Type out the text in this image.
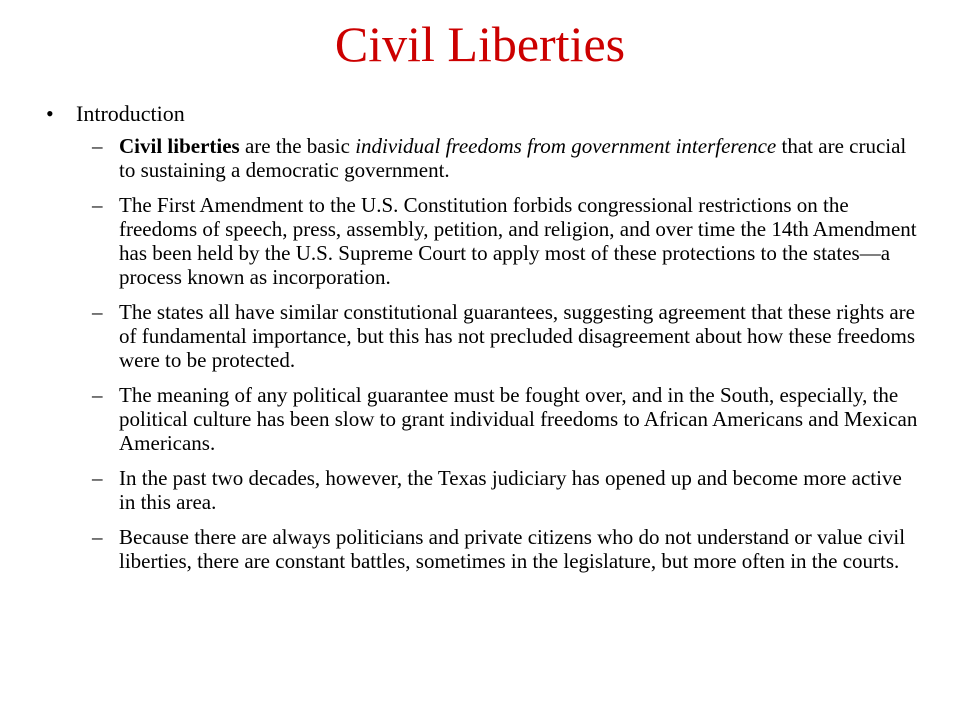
Civil Liberties
• Introduction
– Civil liberties are the basic individual freedoms from government interference that are crucial to sustaining a democratic government.
– The First Amendment to the U.S. Constitution forbids congressional restrictions on the freedoms of speech, press, assembly, petition, and religion, and over time the 14th Amendment has been held by the U.S. Supreme Court to apply most of these protections to the states—a process known as incorporation.
– The states all have similar constitutional guarantees, suggesting agreement that these rights are of fundamental importance, but this has not precluded disagreement about how these freedoms were to be protected.
– The meaning of any political guarantee must be fought over, and in the South, especially, the political culture has been slow to grant individual freedoms to African Americans and Mexican Americans.
– In the past two decades, however, the Texas judiciary has opened up and become more active in this area.
– Because there are always politicians and private citizens who do not understand or value civil liberties, there are constant battles, sometimes in the legislature, but more often in the courts.
